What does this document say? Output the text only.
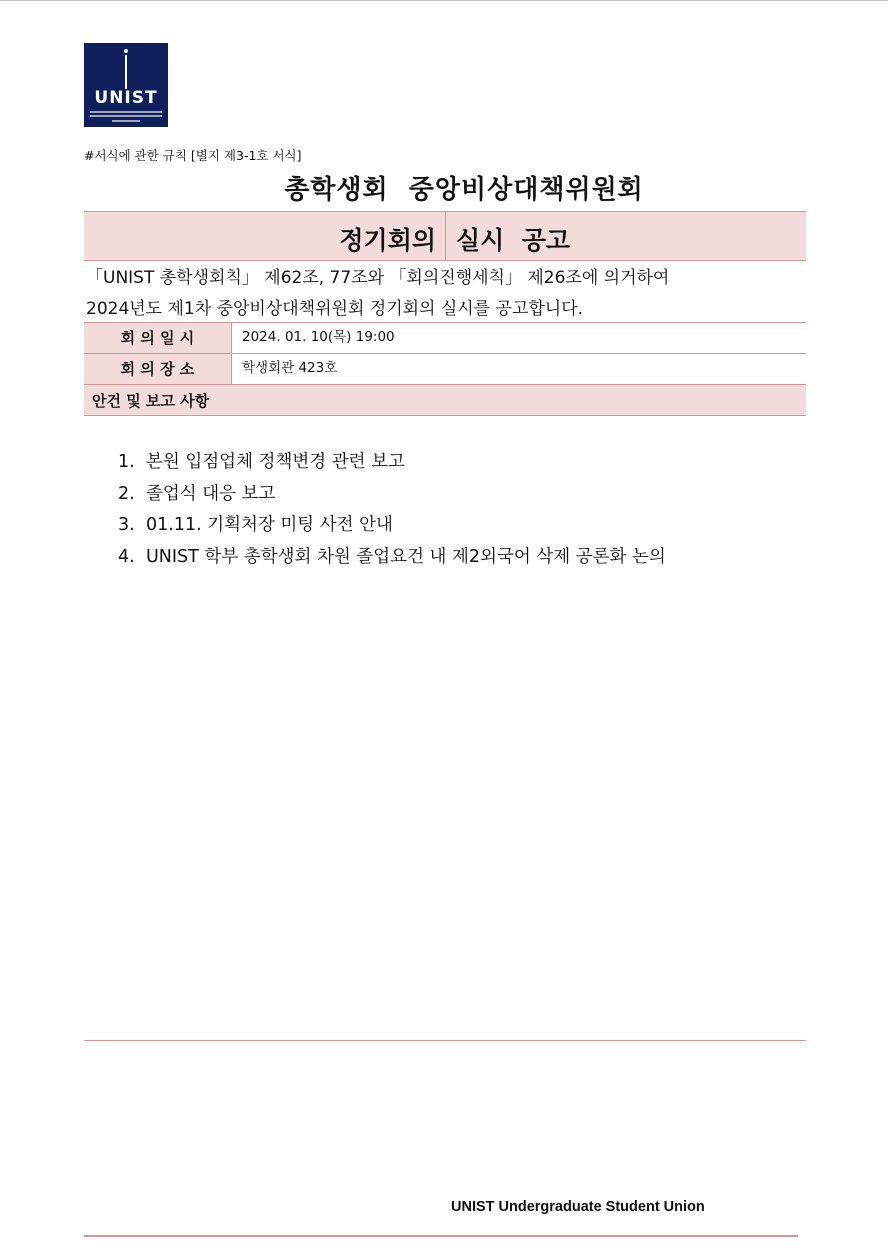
UNIST
#서식에 관한 규칙 [별지 제3-1호 서식]
총학생회  중앙비상대책위원회
정기회의 실시  공고
「UNIST 총학생회칙」 제62조, 77조와 「회의진행세칙」 제26조에 의거하여
2024년도 제1차 중앙비상대책위원회 정기회의 실시를 공고합니다.
회 의 일 시	2024. 01. 10(목) 19:00
회 의 장 소	학생회관 423호
안건 및 보고 사항
1. 본원 입점업체 정책변경 관련 보고
2. 졸업식 대응 보고
3. 01.11. 기획처장 미팅 사전 안내
4. UNIST 학부 총학생회 차원 졸업요건 내 제2외국어 삭제 공론화 논의
UNIST Undergraduate Student Union
